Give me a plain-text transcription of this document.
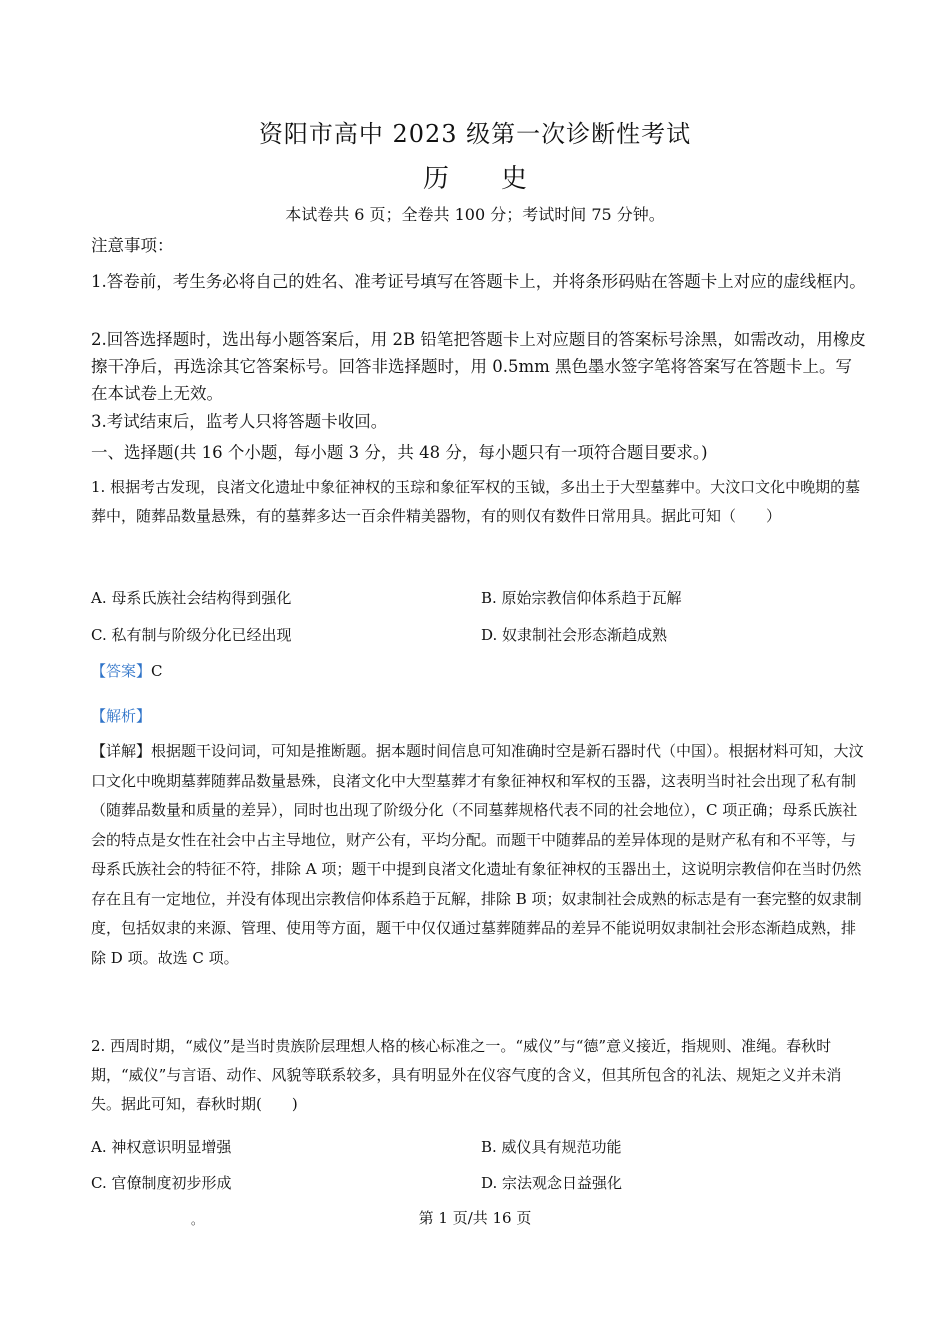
资阳市高中 2023 级第一次诊断性考试
历史
本试卷共 6 页；全卷共 100 分；考试时间 75 分钟。
注意事项：
1.答卷前，考生务必将自己的姓名、准考证号填写在答题卡上，并将条形码贴在答题卡上对应的虚线框内。
2.回答选择题时，选出每小题答案后，用 2B 铅笔把答题卡上对应题目的答案标号涂黑，如需改动，用橡皮擦干净后，再选涂其它答案标号。回答非选择题时，用 0.5mm 黑色墨水签字笔将答案写在答题卡上。写在本试卷上无效。
3.考试结束后，监考人只将答题卡收回。
一、选择题(共 16 个小题，每小题 3 分，共 48 分，每小题只有一项符合题目要求。)
1. 根据考古发现，良渚文化遗址中象征神权的玉琮和象征军权的玉钺，多出土于大型墓葬中。大汶口文化中晚期的墓葬中，随葬品数量悬殊，有的墓葬多达一百余件精美器物，有的则仅有数件日常用具。据此可知（　　）
A. 母系氏族社会结构得到强化	B. 原始宗教信仰体系趋于瓦解
C. 私有制与阶级分化已经出现	D. 奴隶制社会形态渐趋成熟
【答案】C
【解析】
【详解】根据题干设问词，可知是推断题。据本题时间信息可知准确时空是新石器时代（中国）。根据材料可知，大汶口文化中晚期墓葬随葬品数量悬殊，良渚文化中大型墓葬才有象征神权和军权的玉器，这表明当时社会出现了私有制（随葬品数量和质量的差异），同时也出现了阶级分化（不同墓葬规格代表不同的社会地位），C 项正确；母系氏族社会的特点是女性在社会中占主导地位，财产公有，平均分配。而题干中随葬品的差异体现的是财产私有和不平等，与母系氏族社会的特征不符，排除 A 项；题干中提到良渚文化遗址有象征神权的玉器出土，这说明宗教信仰在当时仍然存在且有一定地位，并没有体现出宗教信仰体系趋于瓦解，排除 B 项；奴隶制社会成熟的标志是有一套完整的奴隶制度，包括奴隶的来源、管理、使用等方面，题干中仅仅通过墓葬随葬品的差异不能说明奴隶制社会形态渐趋成熟，排除 D 项。故选 C 项。
2. 西周时期，“威仪”是当时贵族阶层理想人格的核心标准之一。“威仪”与“德”意义接近，指规则、准绳。春秋时期，“威仪”与言语、动作、风貌等联系较多，具有明显外在仪容气度的含义，但其所包含的礼法、规矩之义并未消失。据此可知，春秋时期(　　)
A. 神权意识明显增强	B. 威仪具有规范功能
C. 官僚制度初步形成	D. 宗法观念日益强化
。	第 1 页/共 16 页
